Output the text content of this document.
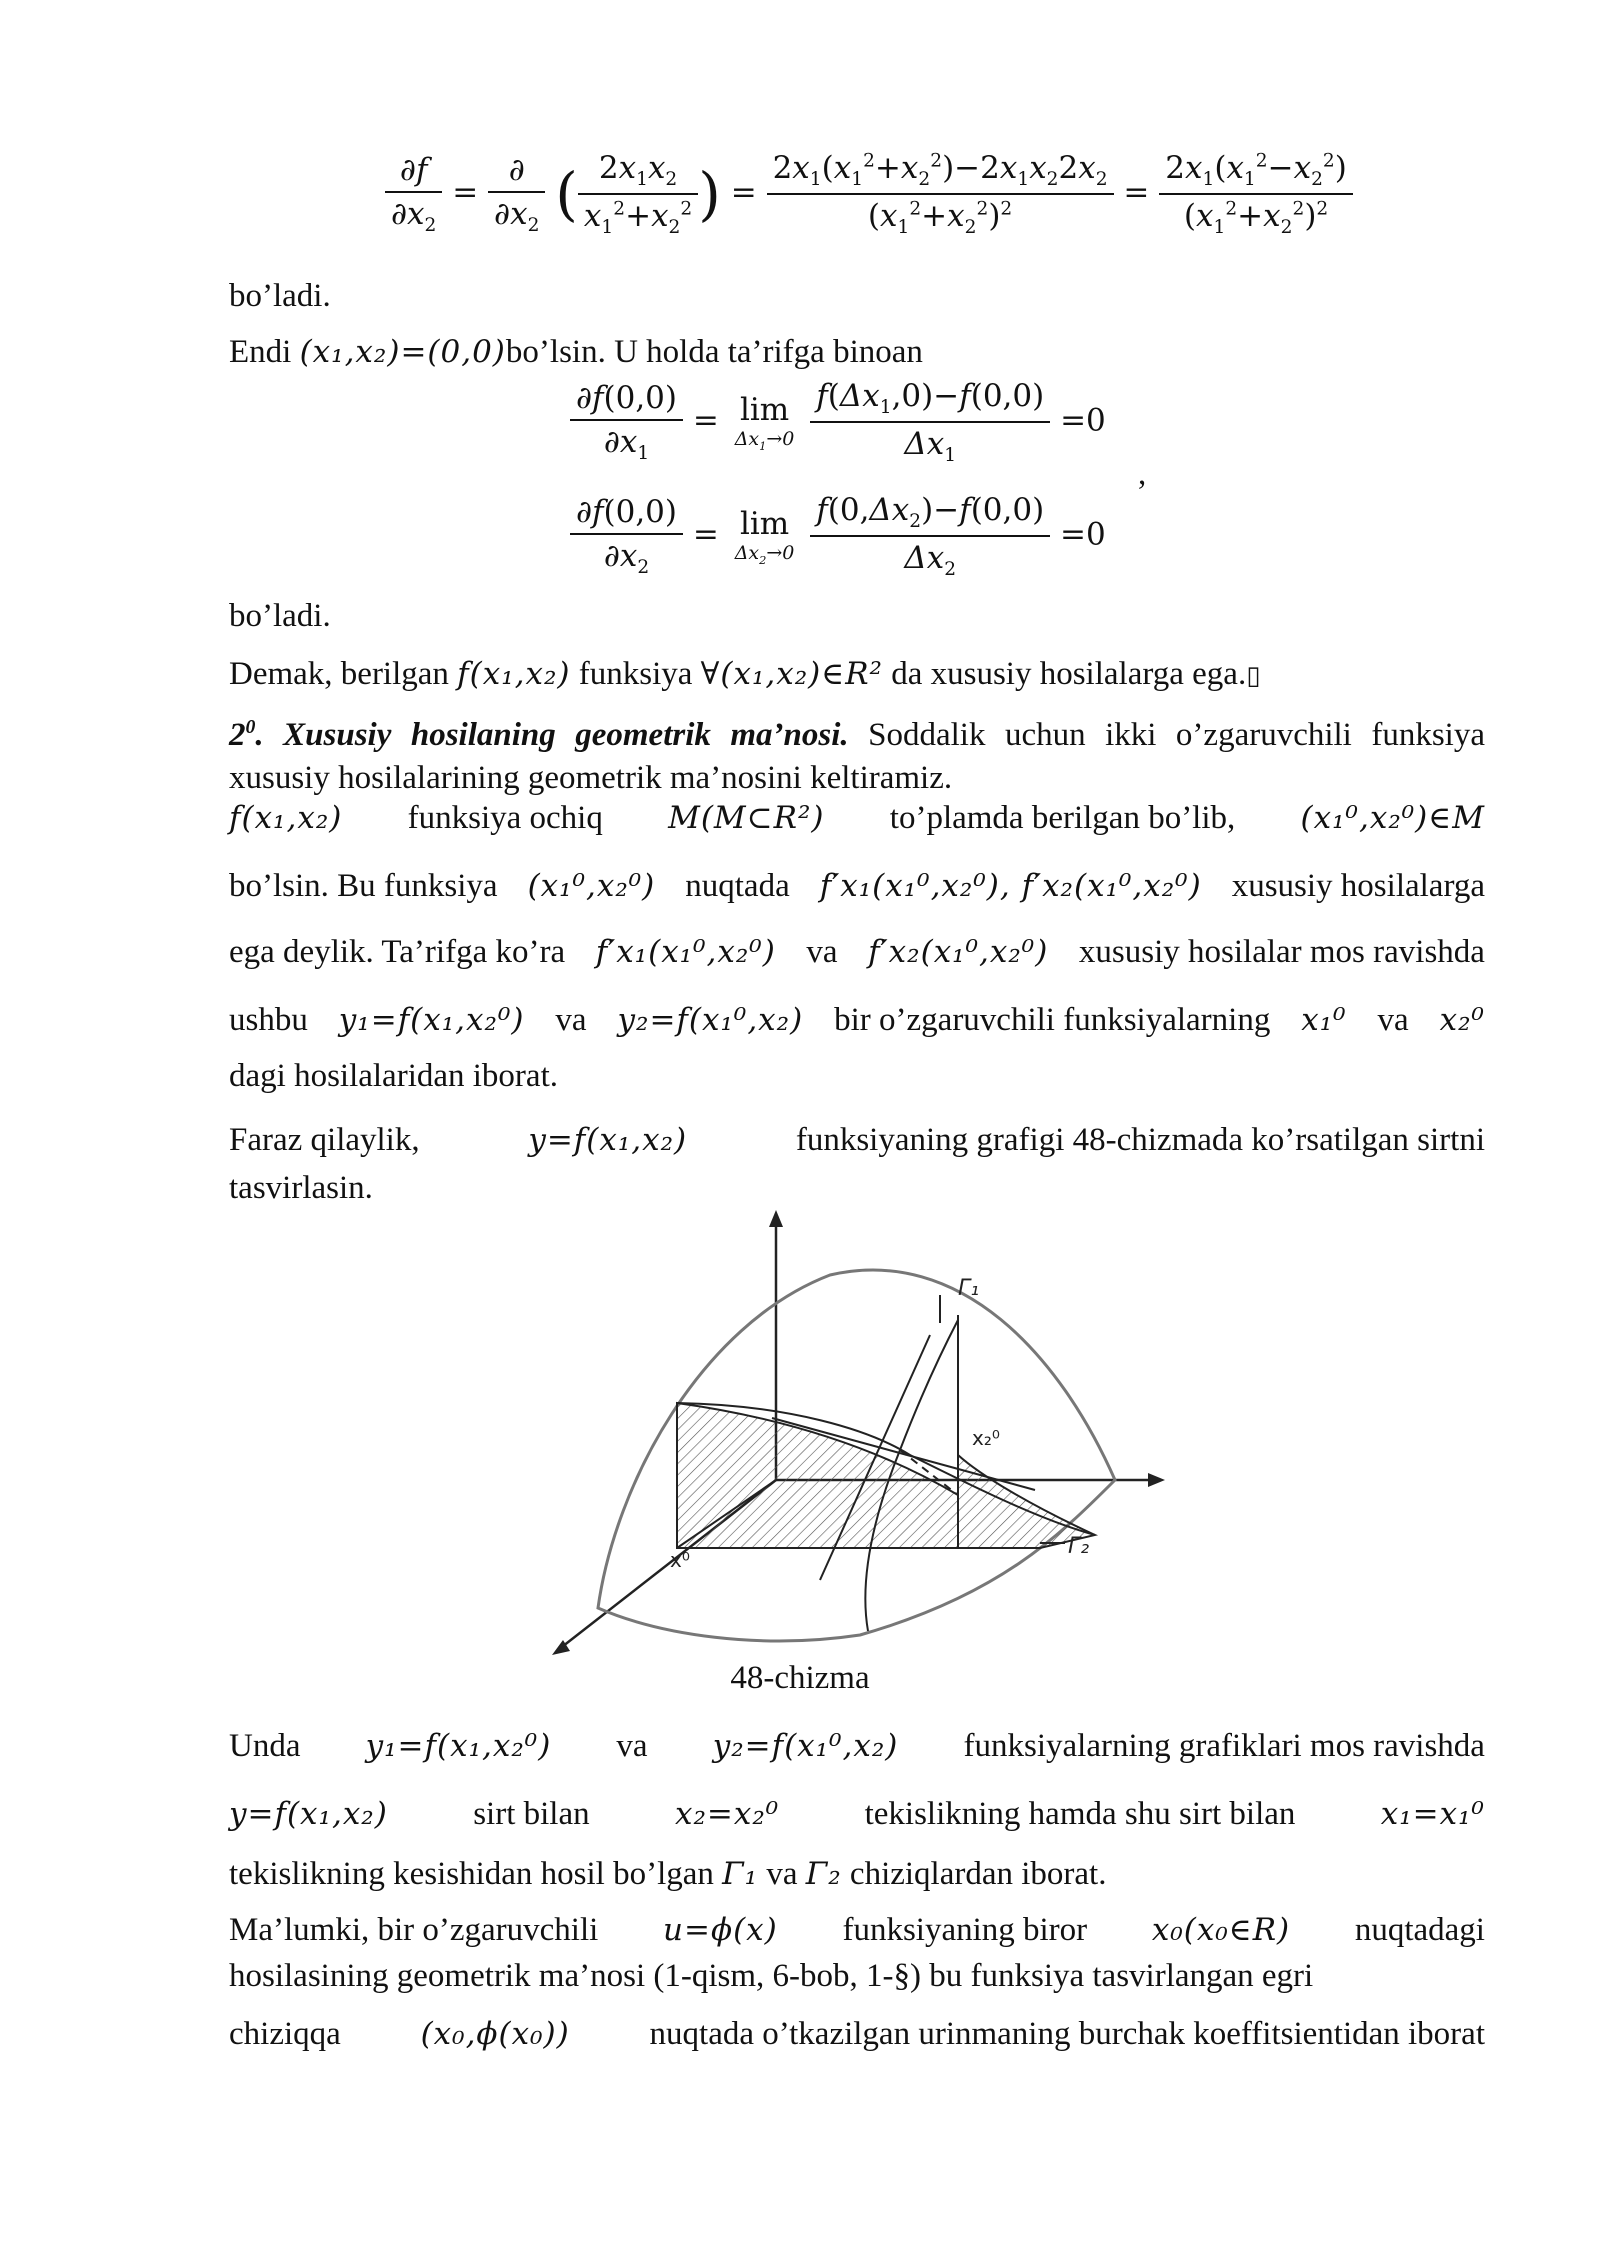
$\frac{\partial f}{\partial x_2} = \frac{\partial}{\partial x_2}$ ( $\frac{2x_1x_2}{x_1^2+x_2^2}$ ) = $\frac{2x_1(x_1^2+x_2^2)-2x_1x_22x_2}{(x_1^2+x_2^2)^2} = \frac{2x_1(x_1^2-x_2^2)}{(x_1^2+x_2^2)^2}$
bo’ladi.
Endi (x₁,x₂)=(0,0)bo’lsin. U holda ta’rifga binoan
$\frac{\partial f(0,0)}{\partial x_1} = \lim$
$\Delta x_1\to 0$
$\frac{f(\Delta x_1,0)-f(0,0)}{\Delta x_1} =0$
,
$\frac{\partial f(0,0)}{\partial x_2} = \lim$
$\Delta x_2\to 0$
$\frac{f(0,\Delta x_2)-f(0,0)}{\Delta x_2} =0$
bo’ladi.
Demak, berilgan f(x₁,x₂) funksiya ∀(x₁,x₂)∈R² da xususiy hosilalarga ega.▯
$2^0$. Xususiy hosilaning geometrik ma’nosi. Soddalik uchun ikki o’zgaruvchili funksiya xususiy hosilalarining geometrik ma’nosini keltiramiz.
f(x₁,x₂) funksiya ochiq M(M⊂R²) to’plamda berilgan bo’lib, (x₁⁰,x₂⁰)∈M
bo’lsin. Bu funksiya (x₁⁰,x₂⁰) nuqtada f′x₁(x₁⁰,x₂⁰), f′x₂(x₁⁰,x₂⁰) xususiy hosilalarga
ega deylik. Ta’rifga ko’ra f′x₁(x₁⁰,x₂⁰) va f′x₂(x₁⁰,x₂⁰) xususiy hosilalar mos ravishda
ushbu y₁=f(x₁,x₂⁰) va y₂=f(x₁⁰,x₂) bir o’zgaruvchili funksiyalarning x₁⁰ va x₂⁰
dagi hosilalaridan iborat.
Faraz qilaylik,	y=f(x₁,x₂)	funksiyaning grafigi 48-chizmada ko’rsatilgan sirtni
tasvirlasin.
Γ₁
Γ₂
x₂⁰
x⁰
48-chizma
Unda y₁=f(x₁,x₂⁰) va y₂=f(x₁⁰,x₂) funksiyalarning grafiklari mos ravishda
y=f(x₁,x₂)	sirt bilan	x₂=x₂⁰	tekislikning hamda shu sirt bilan	x₁=x₁⁰
tekislikning kesishidan hosil bo’lgan Γ₁ va Γ₂ chiziqlardan iborat.
Ma’lumki, bir o’zgaruvchili u=ϕ(x) funksiyaning biror x₀(x₀∈R) nuqtadagi
hosilasining geometrik ma’nosi (1-qism, 6-bob, 1-§) bu funksiya tasvirlangan egri
chiziqqa	(x₀,ϕ(x₀)) nuqtada o’tkazilgan urinmaning burchak koeffitsientidan iborat
